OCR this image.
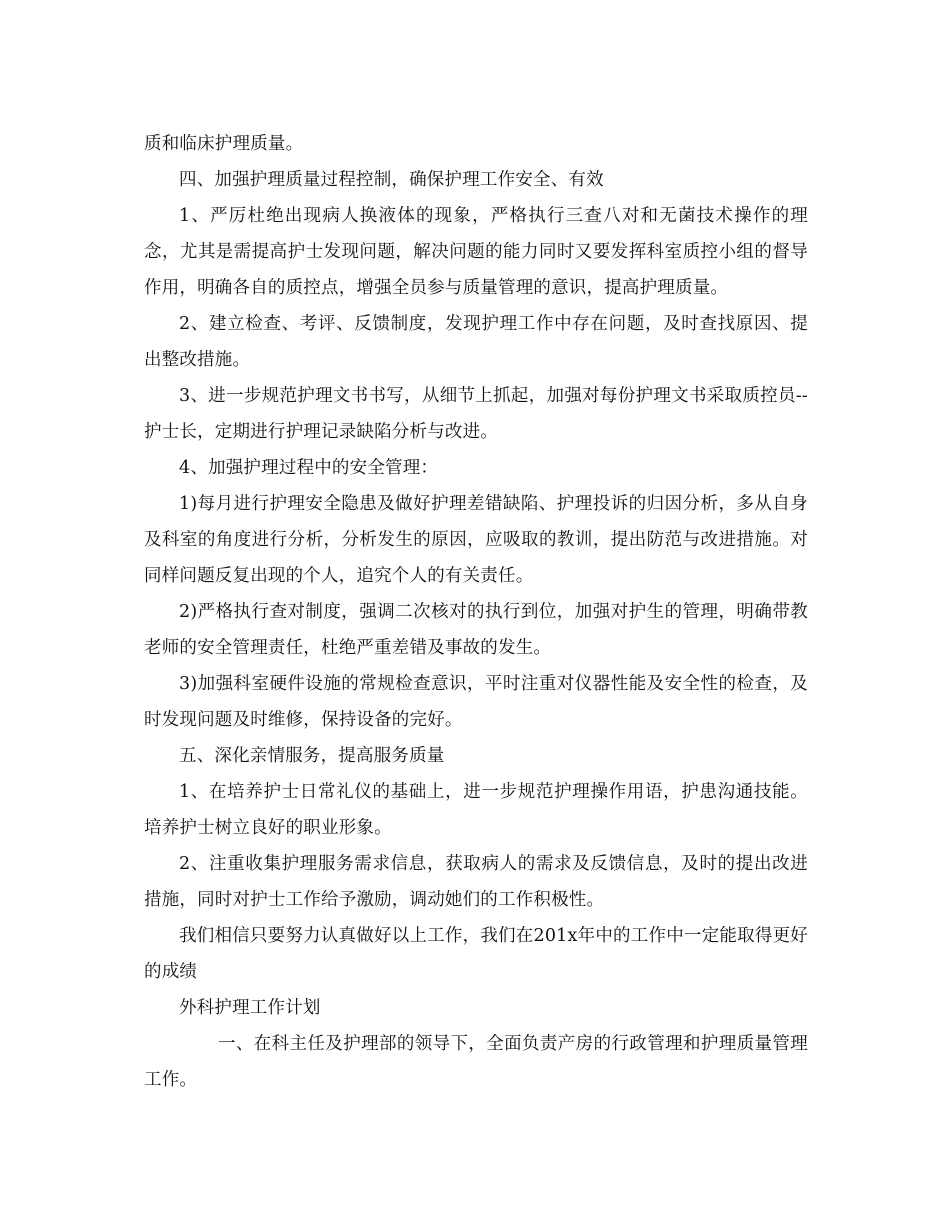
质和临床护理质量。

四、加强护理质量过程控制，确保护理工作安全、有效

1、严厉杜绝出现病人换液体的现象，严格执行三查八对和无菌技术操作的理念，尤其是需提高护士发现问题，解决问题的能力同时又要发挥科室质控小组的督导作用，明确各自的质控点，增强全员参与质量管理的意识，提高护理质量。

2、建立检查、考评、反馈制度，发现护理工作中存在问题，及时查找原因、提出整改措施。

3、进一步规范护理文书书写，从细节上抓起，加强对每份护理文书采取质控员--护士长，定期进行护理记录缺陷分析与改进。

4、加强护理过程中的安全管理：

1)每月进行护理安全隐患及做好护理差错缺陷、护理投诉的归因分析，多从自身及科室的角度进行分析，分析发生的原因，应吸取的教训，提出防范与改进措施。对同样问题反复出现的个人，追究个人的有关责任。

2)严格执行查对制度，强调二次核对的执行到位，加强对护生的管理，明确带教老师的安全管理责任，杜绝严重差错及事故的发生。

3)加强科室硬件设施的常规检查意识，平时注重对仪器性能及安全性的检查，及时发现问题及时维修，保持设备的完好。

五、深化亲情服务，提高服务质量

1、在培养护士日常礼仪的基础上，进一步规范护理操作用语，护患沟通技能。培养护士树立良好的职业形象。

2、注重收集护理服务需求信息，获取病人的需求及反馈信息，及时的提出改进措施，同时对护士工作给予激励，调动她们的工作积极性。

我们相信只要努力认真做好以上工作，我们在201x年中的工作中一定能取得更好的成绩

外科护理工作计划

一、在科主任及护理部的领导下，全面负责产房的行政管理和护理质量管理工作。
